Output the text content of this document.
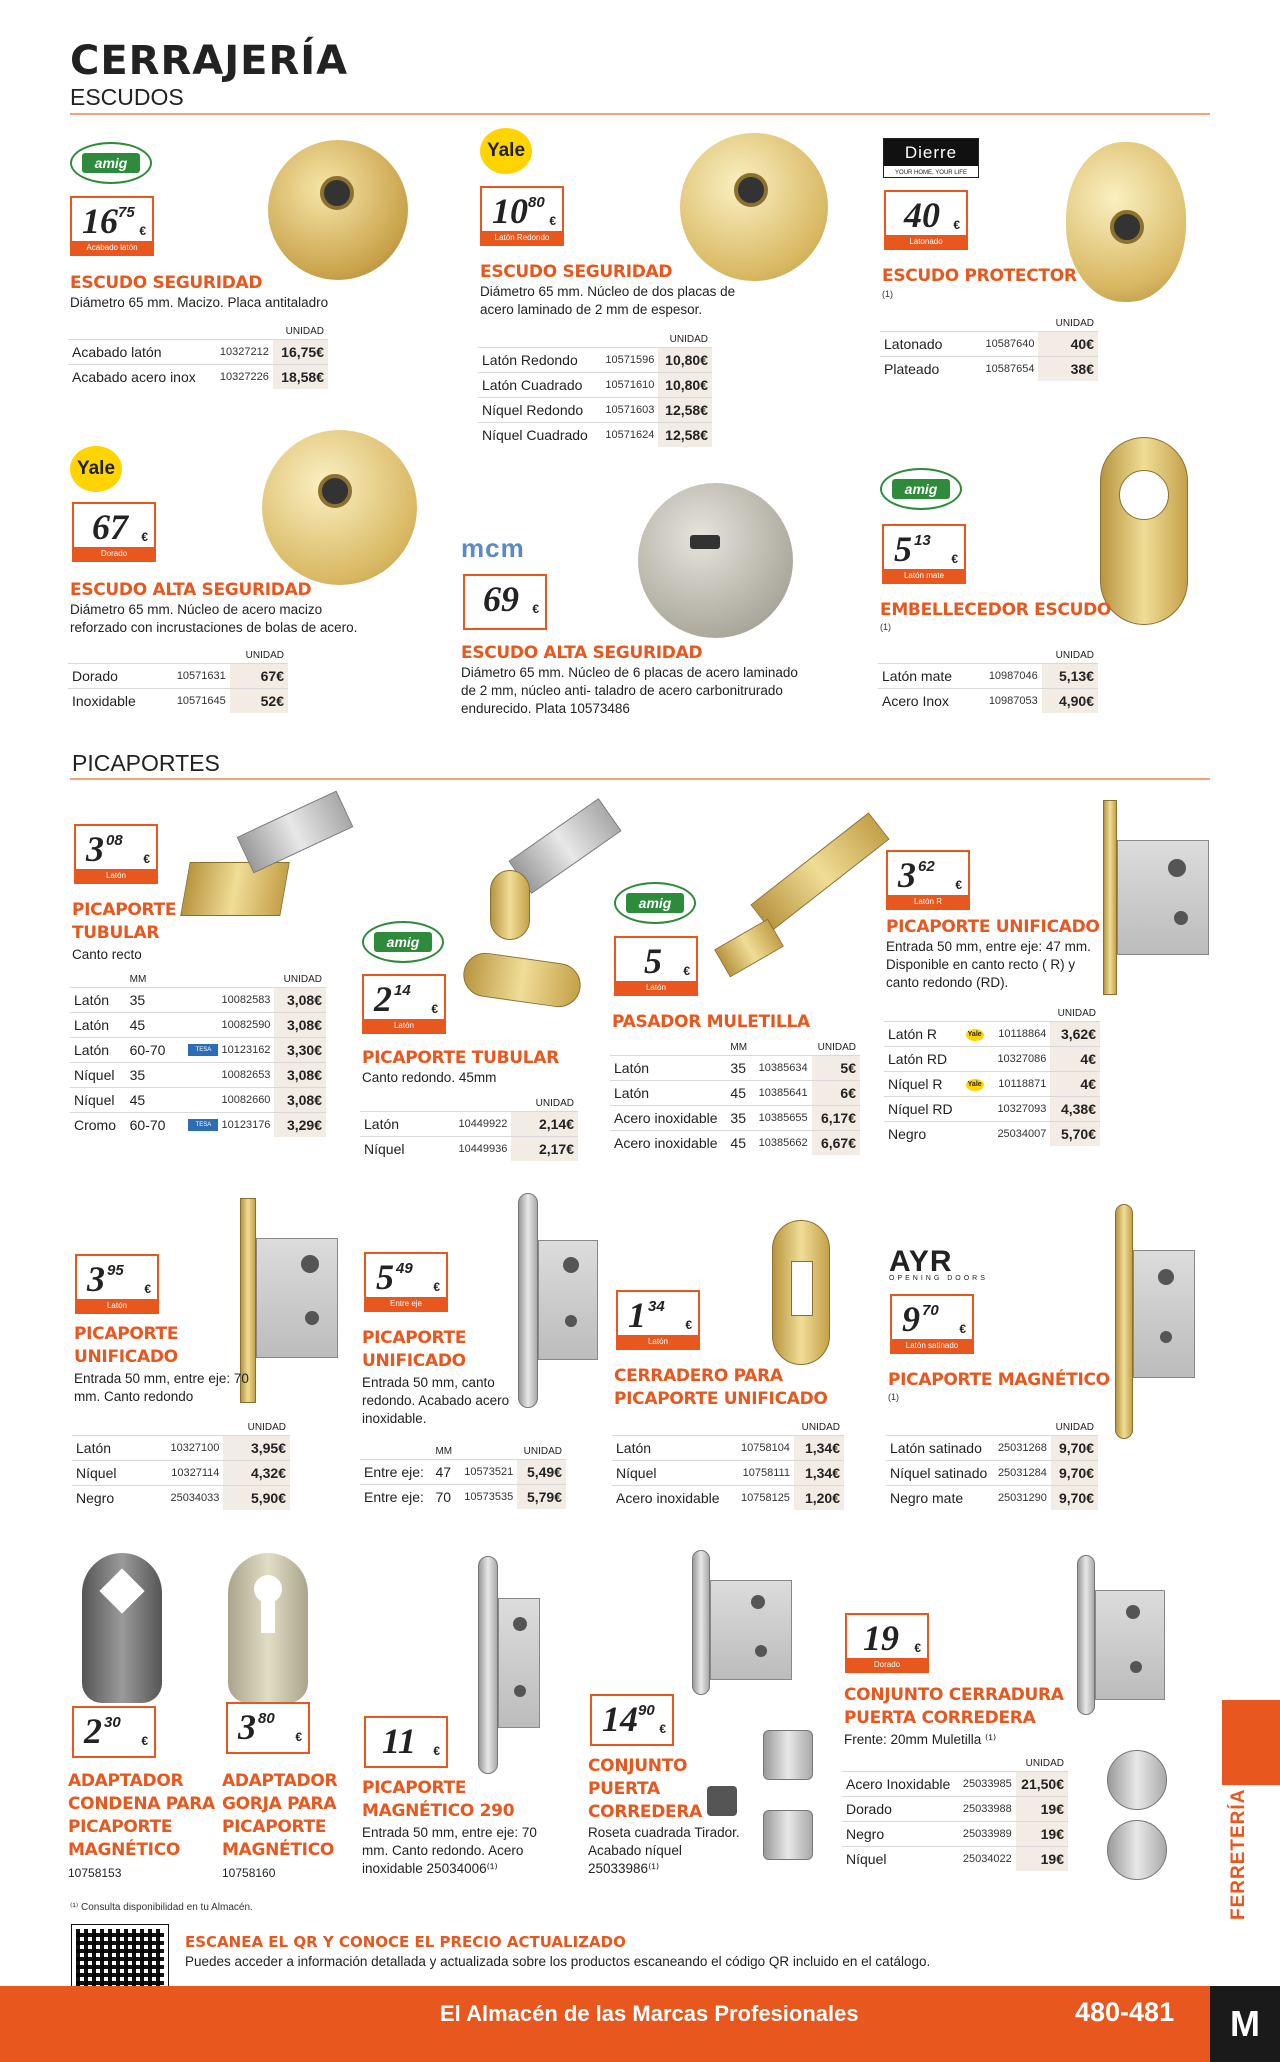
CERRAJERÍA
ESCUDOS
amig
16 75
€
Acabado latón
ESCUDO SEGURIDAD
Diámetro 65 mm. Macizo. Placa antitaladro
		UNIDAD
Acabado latón	10327212	16,75€
Acabado acero inox	10327226	18,58€
Yale
10 80
€
Latón Redondo
ESCUDO SEGURIDAD
Diámetro 65 mm. Núcleo de dos placas de acero laminado de 2 mm de espesor.
		UNIDAD
Latón Redondo	10571596	10,80€
Latón Cuadrado	10571610	10,80€
Níquel Redondo	10571603	12,58€
Níquel Cuadrado	10571624	12,58€
Dierre
YOUR HOME, YOUR LIFE
40 €
Latonado
ESCUDO PROTECTOR
(1)
		UNIDAD
Latonado	10587640	40€
Plateado	10587654	38€
Yale
67 €
Dorado
ESCUDO ALTA SEGURIDAD
Diámetro 65 mm. Núcleo de acero macizo reforzado con incrustaciones de bolas de acero.
		UNIDAD
Dorado	10571631	67€
Inoxidable	10571645	52€
mcm
69 €
ESCUDO ALTA SEGURIDAD
Diámetro 65 mm. Núcleo de 6 placas de acero laminado de 2 mm, núcleo anti- taladro de acero carbonitrurado endurecido. Plata 10573486
amig
5 13
€
Latón mate
EMBELLECEDOR ESCUDO
(1)
		UNIDAD
Latón mate	10987046	5,13€
Acero Inox	10987053	4,90€
PICAPORTES
3 08
€
Latón
PICAPORTE
TUBULAR
Canto recto
	MM		UNIDAD
Latón	35	10082583	3,08€
Latón	45	10082590	3,08€
Latón	60-70	TESA 10123162	3,30€
Níquel	35	10082653	3,08€
Níquel	45	10082660	3,08€
Cromo	60-70	TESA 10123176	3,29€
amig
2 14
€
Latón
PICAPORTE TUBULAR
Canto redondo. 45mm
		UNIDAD
Latón	10449922	2,14€
Níquel	10449936	2,17€
amig
5 €
Latón
PASADOR MULETILLA
	MM		UNIDAD
Latón	35	10385634	5€
Latón	45	10385641	6€
Acero inoxidable	35	10385655	6,17€
Acero inoxidable	45	10385662	6,67€
3 62
€
Latón R
PICAPORTE UNIFICADO
Entrada 50 mm, entre eje: 47 mm. Disponible en canto recto ( R) y canto redondo (RD).
			UNIDAD
Latón R	Yale	10118864	3,62€
Latón RD		10327086	4€
Níquel R	Yale	10118871	4€
Níquel RD		10327093	4,38€
Negro		25034007	5,70€
3 95
€
Latón
PICAPORTE
UNIFICADO
Entrada 50 mm, entre eje: 70 mm. Canto redondo
		UNIDAD
Latón	10327100	3,95€
Níquel	10327114	4,32€
Negro	25034033	5,90€
5 49
€
Entre eje
PICAPORTE
UNIFICADO
Entrada 50 mm, canto redondo. Acabado acero inoxidable.
	MM		UNIDAD
Entre eje:	47	10573521	5,49€
Entre eje:	70	10573535	5,79€
1 34
€
Latón
CERRADERO PARA
PICAPORTE UNIFICADO
		UNIDAD
Latón	10758104	1,34€
Níquel	10758111	1,34€
Acero inoxidable	10758125	1,20€
AYR
OPENING DOORS
9 70
€
Latón satinado
PICAPORTE MAGNÉTICO
(1)
		UNIDAD
Latón satinado	25031268	9,70€
Níquel satinado	25031284	9,70€
Negro mate	25031290	9,70€
2 30
€
ADAPTADOR
CONDENA PARA
PICAPORTE
MAGNÉTICO
10758153
3 80
€
ADAPTADOR
GORJA PARA
PICAPORTE
MAGNÉTICO
10758160
11 €
PICAPORTE
MAGNÉTICO 290
Entrada 50 mm, entre eje: 70 mm. Canto redondo. Acero inoxidable 25034006⁽¹⁾
14 90
€
CONJUNTO
PUERTA
CORREDERA
Roseta cuadrada Tirador. Acabado níquel 25033986⁽¹⁾
19 €
Dorado
CONJUNTO CERRADURA
PUERTA CORREDERA
Frente: 20mm Muletilla ⁽¹⁾
		UNIDAD
Acero Inoxidable	25033985	21,50€
Dorado	25033988	19€
Negro	25033989	19€
Níquel	25034022	19€
⁽¹⁾ Consulta disponibilidad en tu Almacén.
ESCANEA EL QR Y CONOCE EL PRECIO ACTUALIZADO
Puedes acceder a información detallada y actualizada sobre los productos escaneando el código QR incluido en el catálogo.
FERRETERÍA
El Almacén de las Marcas Profesionales	480-481	M
